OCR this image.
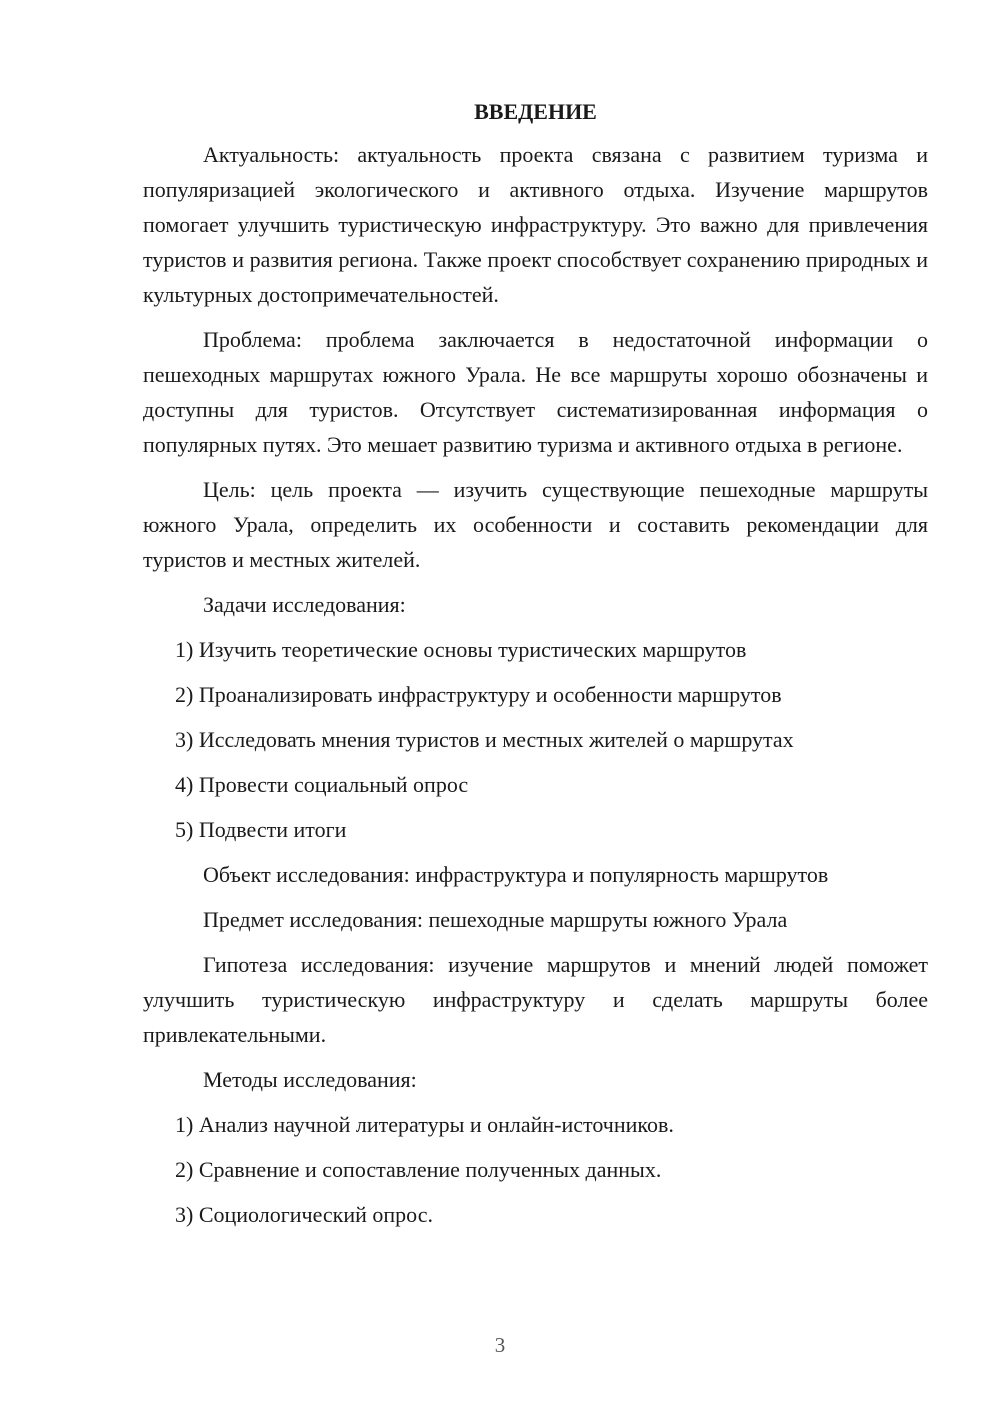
ВВЕДЕНИЕ

Актуальность: актуальность проекта связана с развитием туризма и популяризацией экологического и активного отдыха. Изучение маршрутов помогает улучшить туристическую инфраструктуру. Это важно для привлечения туристов и развития региона. Также проект способствует сохранению природных и культурных достопримечательностей.

Проблема: проблема заключается в недостаточной информации о пешеходных маршрутах южного Урала. Не все маршруты хорошо обозначены и доступны для туристов. Отсутствует систематизированная информация о популярных путях. Это мешает развитию туризма и активного отдыха в регионе.

Цель: цель проекта — изучить существующие пешеходные маршруты южного Урала, определить их особенности и составить рекомендации для туристов и местных жителей.

Задачи исследования:

1) Изучить теоретические основы туристических маршрутов
2) Проанализировать инфраструктуру и особенности маршрутов
3) Исследовать мнения туристов и местных жителей о маршрутах
4) Провести социальный опрос
5) Подвести итоги

Объект исследования: инфраструктура и популярность маршрутов

Предмет исследования: пешеходные маршруты южного Урала

Гипотеза исследования: изучение маршрутов и мнений людей поможет улучшить туристическую инфраструктуру и сделать маршруты более привлекательными.

Методы исследования:

1) Анализ научной литературы и онлайн-источников.
2) Сравнение и сопоставление полученных данных.
3) Социологический опрос.
3
